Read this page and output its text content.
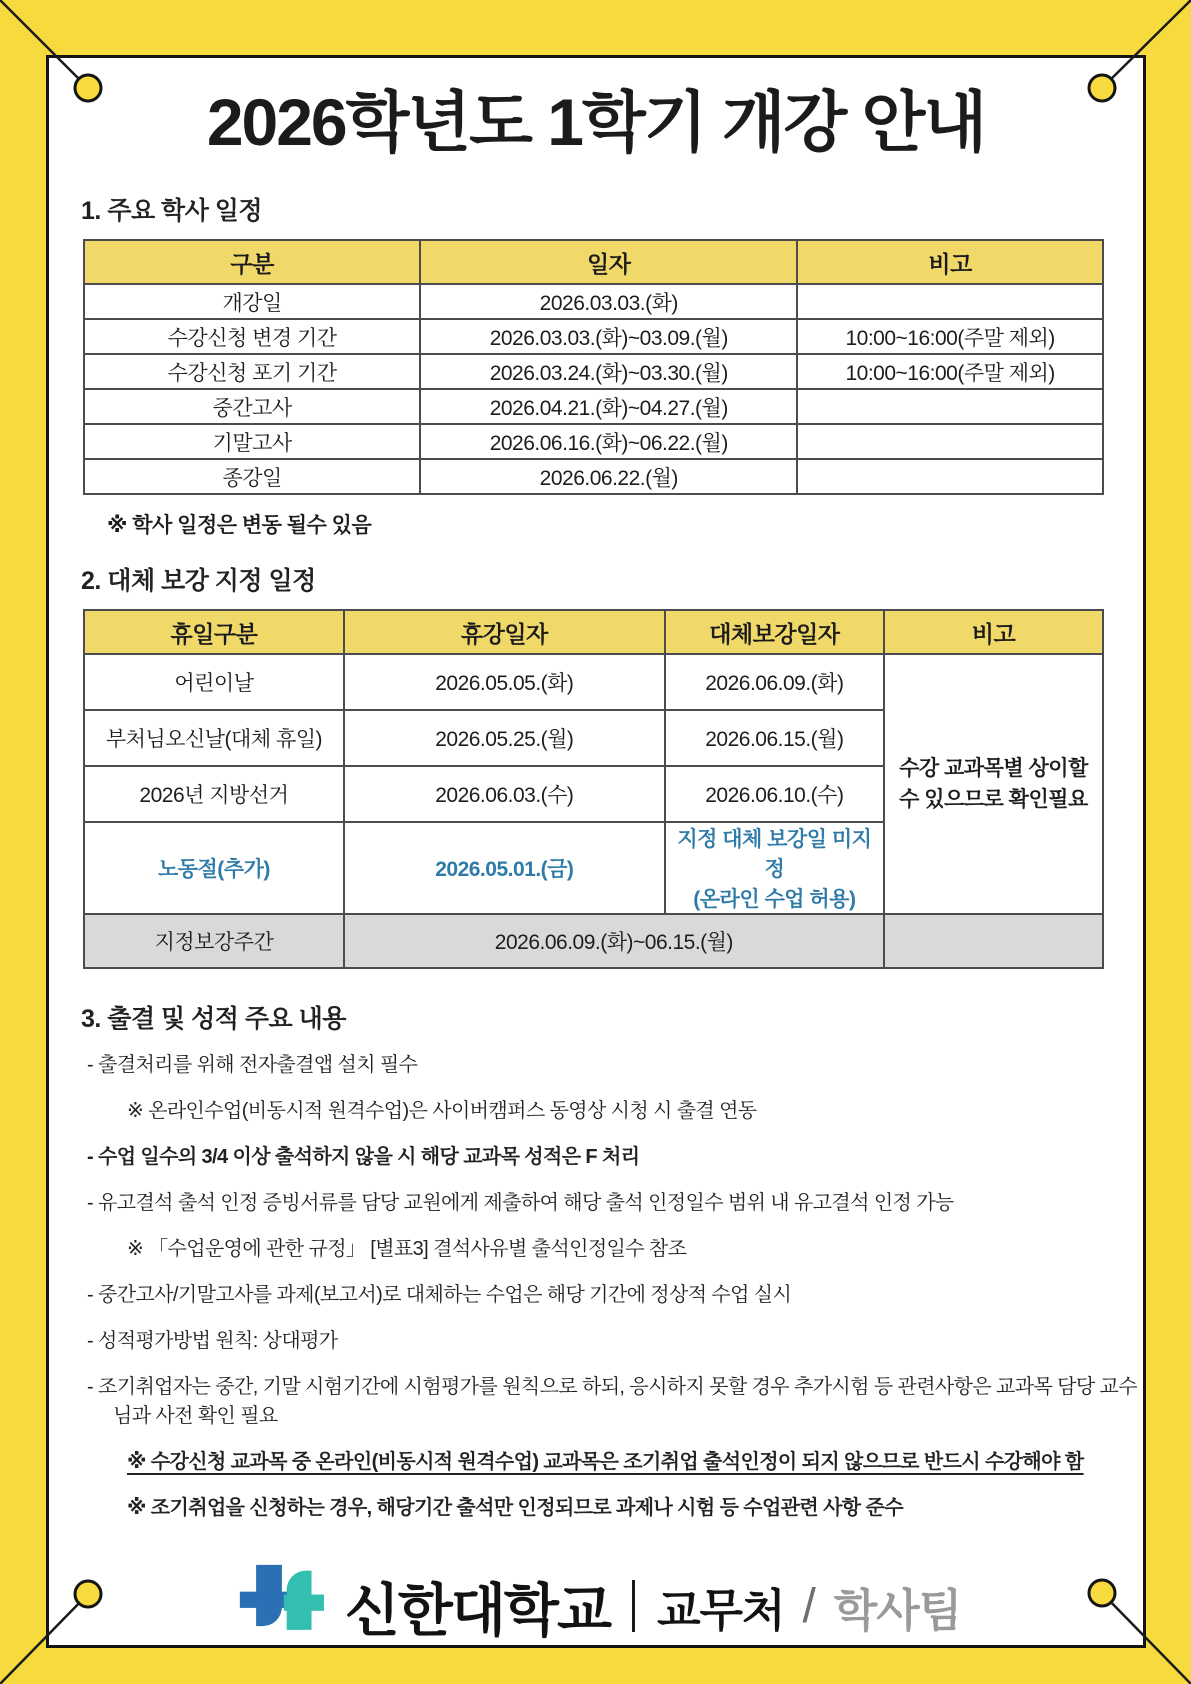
2026학년도 1학기 개강 안내
1. 주요 학사 일정
구분	일자	비고
개강일	2026.03.03.(화)	
수강신청 변경 기간	2026.03.03.(화)~03.09.(월)	10:00~16:00(주말 제외)
수강신청 포기 기간	2026.03.24.(화)~03.30.(월)	10:00~16:00(주말 제외)
중간고사	2026.04.21.(화)~04.27.(월)	
기말고사	2026.06.16.(화)~06.22.(월)	
종강일	2026.06.22.(월)	
※ 학사 일정은 변동 될수 있음
2. 대체 보강 지정 일정
휴일구분	휴강일자	대체보강일자	비고
어린이날	2026.05.05.(화)	2026.06.09.(화)	수강 교과목별 상이할 수 있으므로 확인필요
부처님오신날(대체 휴일)	2026.05.25.(월)	2026.06.15.(월)	
2026년 지방선거	2026.06.03.(수)	2026.06.10.(수)	
노동절(추가)	2026.05.01.(금)	지정 대체 보강일 미지정
(온라인 수업 허용)	

지정보강주간	2026.06.09.(화)~06.15.(월)		
3. 출결 및 성적 주요 내용
- 출결처리를 위해 전자출결앱 설치 필수
※ 온라인수업(비동시적 원격수업)은 사이버캠퍼스 동영상 시청 시 출결 연동
- 수업 일수의 3/4 이상 출석하지 않을 시 해당 교과목 성적은 F 처리
- 유고결석 출석 인정 증빙서류를 담당 교원에게 제출하여 해당 출석 인정일수 범위 내 유고결석 인정 가능
※ 「수업운영에 관한 규정」 [별표3] 결석사유별 출석인정일수 참조
- 중간고사/기말고사를 과제(보고서)로 대체하는 수업은 해당 기간에 정상적 수업 실시
- 성적평가방법 원칙: 상대평가
- 조기취업자는 중간, 기말 시험기간에 시험평가를 원칙으로 하되, 응시하지 못할 경우 추가시험 등 관련사항은 교과목 담당 교수님과 사전 확인 필요
※ 수강신청 교과목 중 온라인(비동시적 원격수업) 교과목은 조기취업 출석인정이 되지 않으므로 반드시 수강해야 함
※ 조기취업을 신청하는 경우, 해당기간 출석만 인정되므로 과제나 시험 등 수업관련 사항 준수
신한대학교 교무처 / 학사팀
